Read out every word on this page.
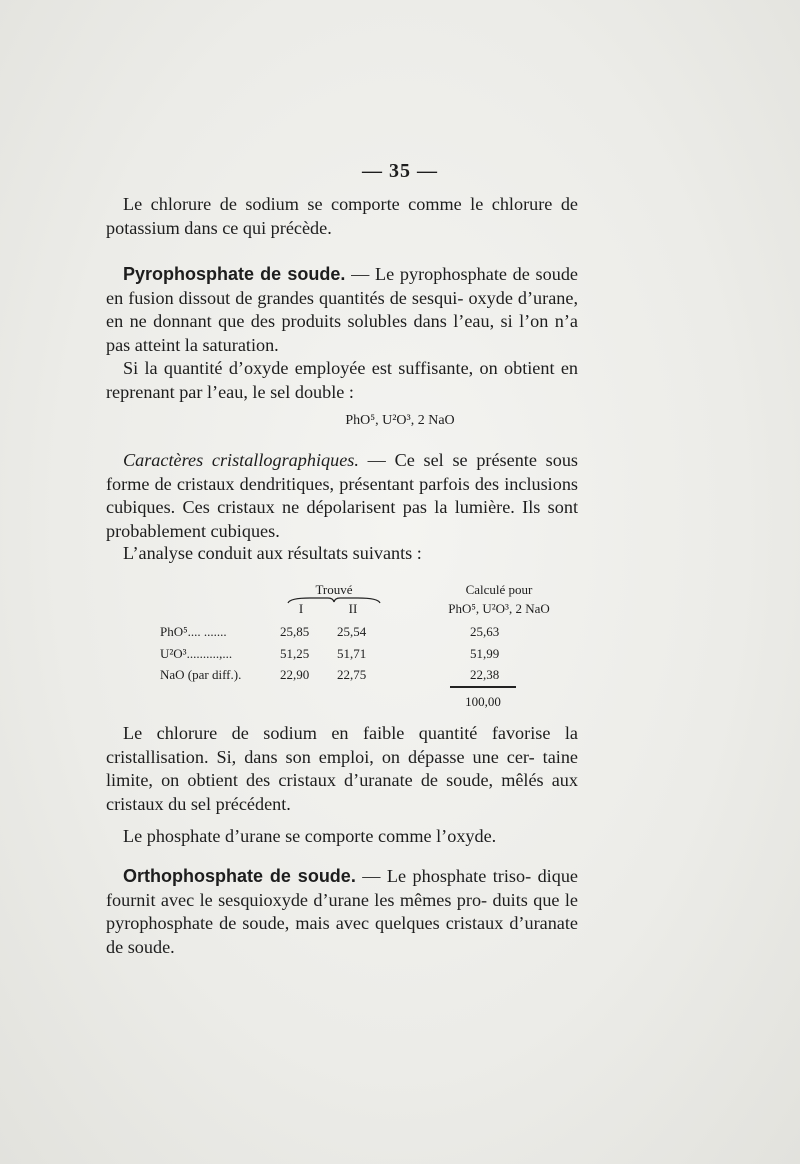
— 35 —

Le chlorure de sodium se comporte comme le chlorure de potassium dans ce qui précède.

Pyrophosphate de soude. — Le pyrophosphate de soude en fusion dissout de grandes quantités de sesqui- oxyde d’urane, en ne donnant que des produits solubles dans l’eau, si l’on n’a pas atteint la saturation.

Si la quantité d’oxyde employée est suffisante, on obtient en reprenant par l’eau, le sel double :

PhO⁵, U²O³, 2 NaO

Caractères cristallographiques. — Ce sel se présente sous forme de cristaux dendritiques, présentant parfois des inclusions cubiques. Ces cristaux ne dépolarisent pas la lumière. Ils sont probablement cubiques.

L’analyse conduit aux résultats suivants :

Trouvé
I	II
Calculé pour
PhO⁵, U²O³, 2 NaO
PhO⁵.... .......	25,85 25,54	25,63
U²O³..........,...	51,25 51,71	51,99
NaO (par diff.).	22,90 22,75	22,38
100,00

Le chlorure de sodium en faible quantité favorise la cristallisation. Si, dans son emploi, on dépasse une cer- taine limite, on obtient des cristaux d’uranate de soude, mêlés aux cristaux du sel précédent.

Le phosphate d’urane se comporte comme l’oxyde.

Orthophosphate de soude. — Le phosphate triso- dique fournit avec le sesquioxyde d’urane les mêmes pro- duits que le pyrophosphate de soude, mais avec quelques cristaux d’uranate de soude.
